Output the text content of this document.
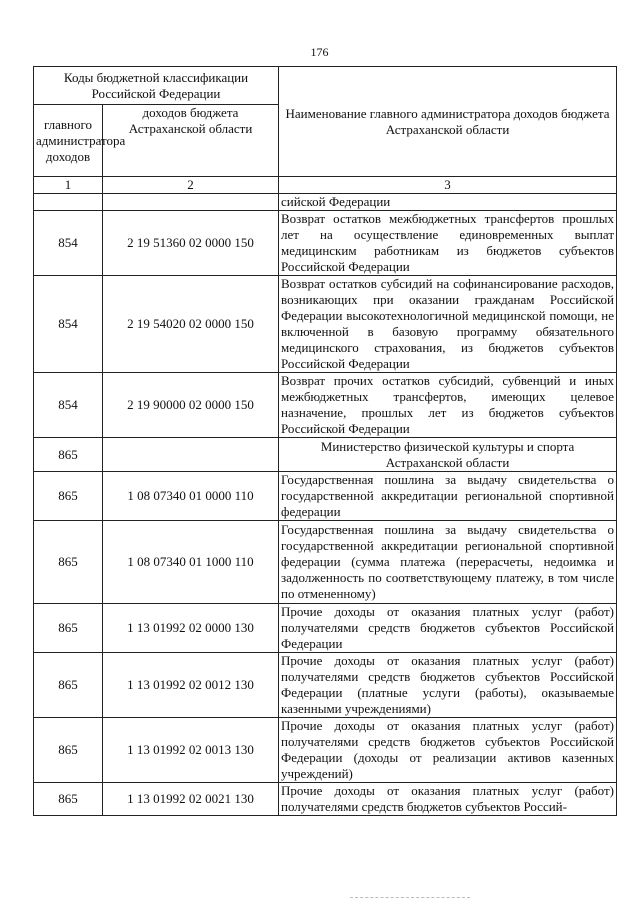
176
Коды бюджетной классификации Российской Федерации		Наименование главного администратора доходов бюджета Астраханской области
главного администратора доходов	доходов бюджета Астраханской области	
1	2	3
		сийской Федерации
854	2 19 51360 02 0000 150	Возврат остатков межбюджетных трансфертов прошлых лет на осуществление единовременных выплат медицинским работникам из бюджетов субъектов Российской Федерации
854	2 19 54020 02 0000 150	Возврат остатков субсидий на софинансирование расходов, возникающих при оказании гражданам Российской Федерации высокотехнологичной медицинской помощи, не включенной в базовую программу обязательного медицинского страхования, из бюджетов субъектов Российской Федерации
854	2 19 90000 02 0000 150	Возврат прочих остатков субсидий, субвенций и иных межбюджетных трансфертов, имеющих целевое назначение, прошлых лет из бюджетов субъектов Российской Федерации
865		Министерство физической культуры и спорта Астраханской области
865	1 08 07340 01 0000 110	Государственная пошлина за выдачу свидетельства о государственной аккредитации региональной спортивной федерации
865	1 08 07340 01 1000 110	Государственная пошлина за выдачу свидетельства о государственной аккредитации региональной спортивной федерации (сумма платежа (перерасчеты, недоимка и задолженность по соответствующему платежу, в том числе по отмененному)
865	1 13 01992 02 0000 130	Прочие доходы от оказания платных услуг (работ) получателями средств бюджетов субъектов Российской Федерации
865	1 13 01992 02 0012 130	Прочие доходы от оказания платных услуг (работ) получателями средств бюджетов субъектов Российской Федерации (платные услуги (работы), оказываемые казенными учреждениями)
865	1 13 01992 02 0013 130	Прочие доходы от оказания платных услуг (работ) получателями средств бюджетов субъектов Российской Федерации (доходы от реализации активов казенных учреждений)
865	1 13 01992 02 0021 130	Прочие доходы от оказания платных услуг (работ) получателями средств бюджетов субъектов Россий-
